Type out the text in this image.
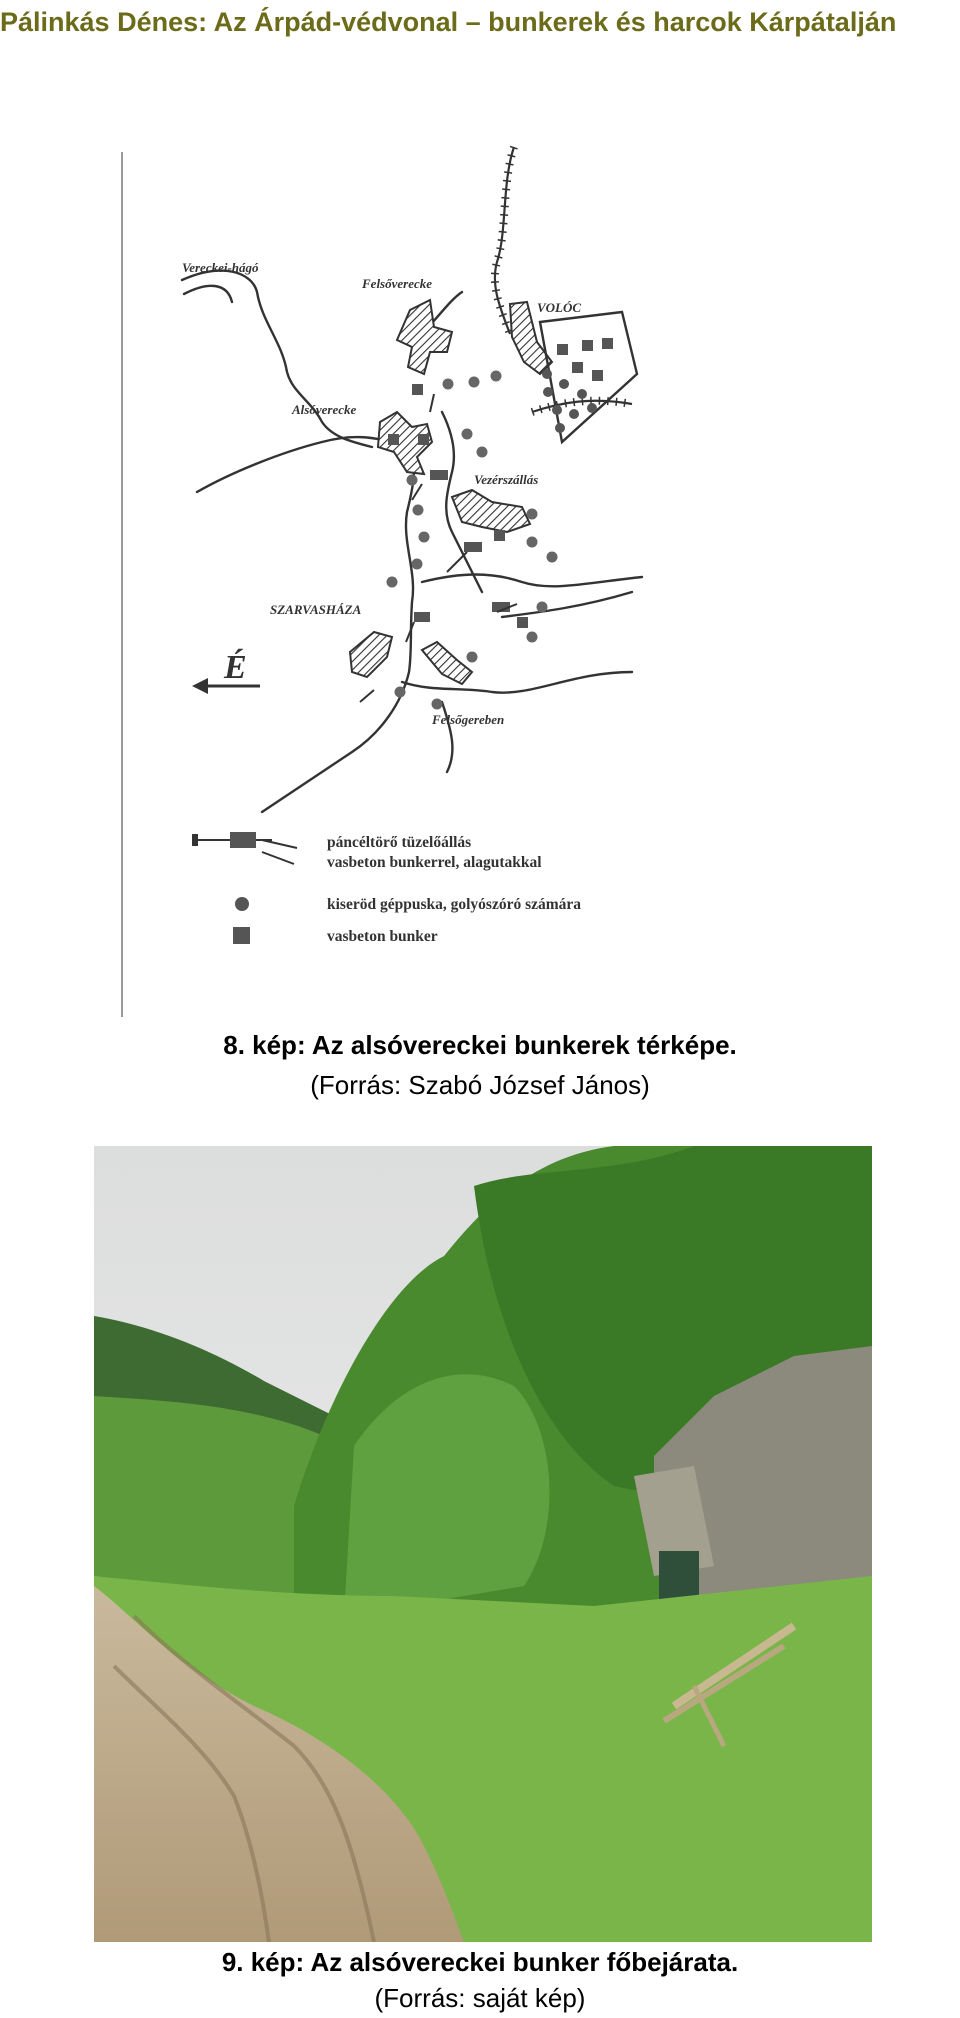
Pálinkás Dénes: Az Árpád-védvonal – bunkerek és harcok Kárpátalján
Vereckei-hágó
Felsőverecke
VOLÓC
Alsóverecke
Vezérszállás
SZARVASHÁZA
Felsőgereben
É
páncéltörő tüzelőállás
vasbeton bunkerrel, alagutakkal
kiseröd géppuska, golyószóró számára
vasbeton bunker

8. kép: Az alsóvereckei bunkerek térképe.

(Forrás: Szabó József János)

9. kép: Az alsóvereckei bunker főbejárata.

(Forrás: saját kép)
